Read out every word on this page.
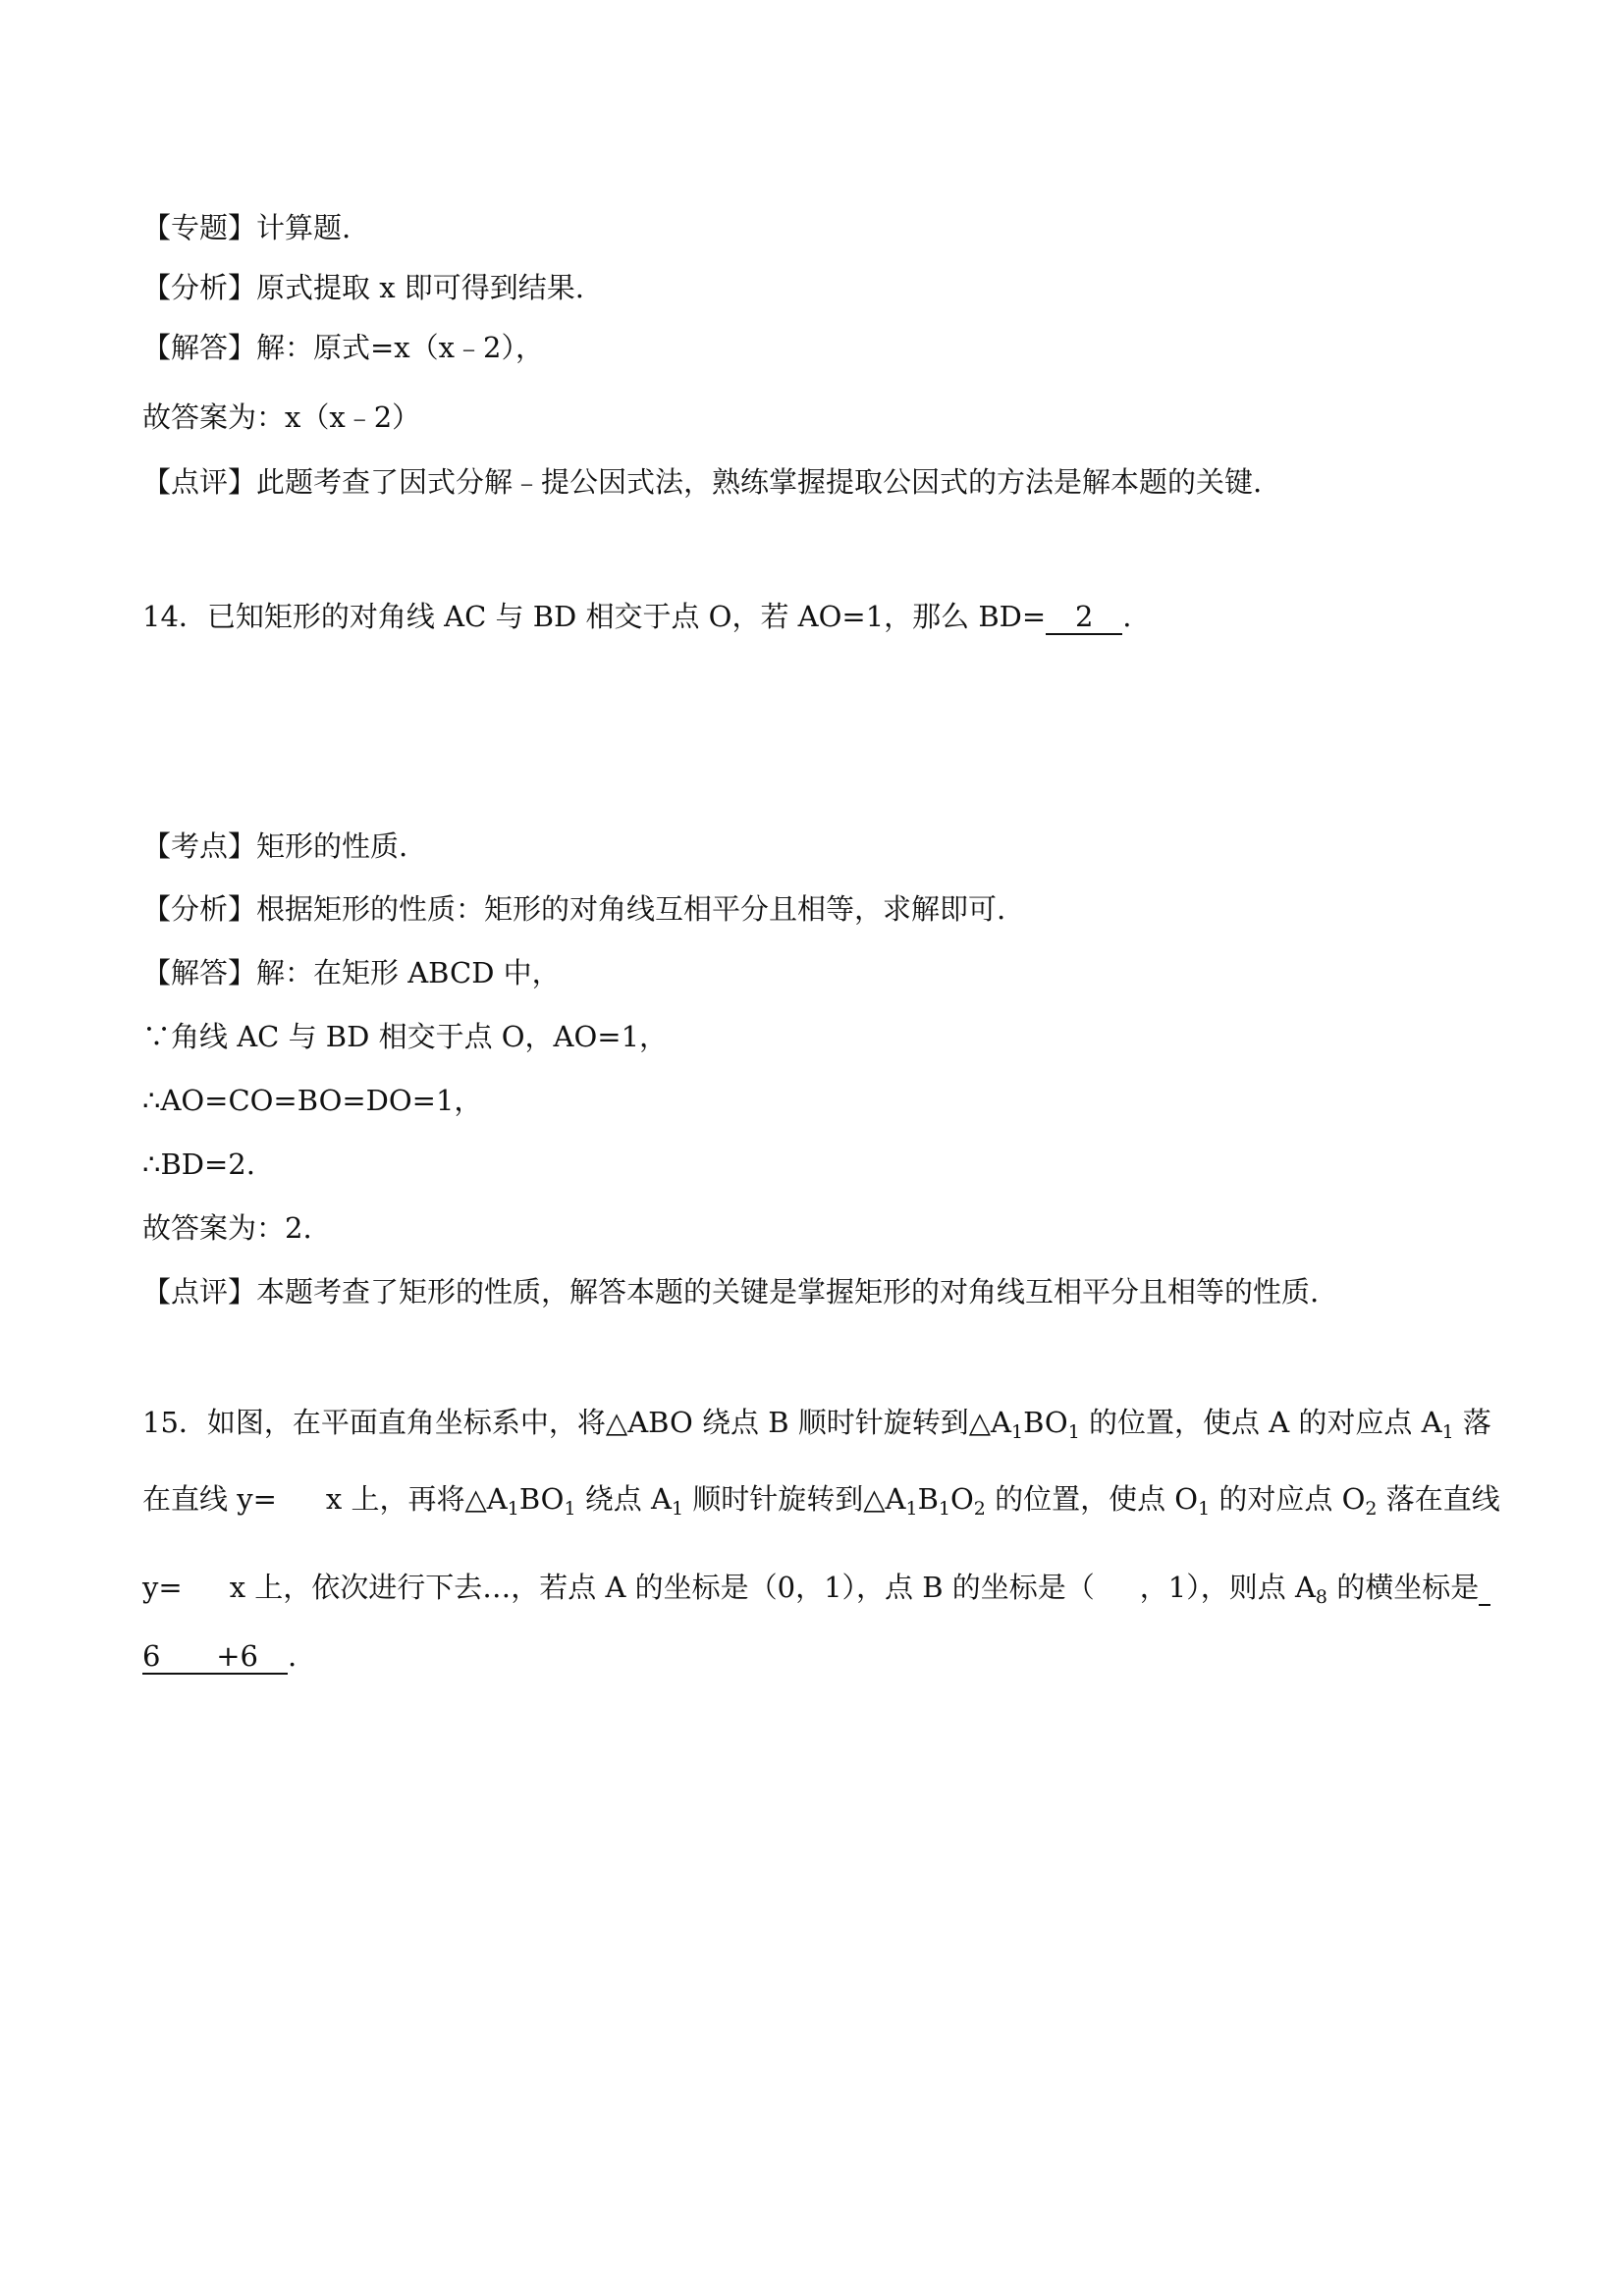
【专题】计算题.
【分析】原式提取 x 即可得到结果.
【解答】解：原式=x（x﹣2），
故答案为：x（x﹣2）
【点评】此题考查了因式分解﹣提公因式法，熟练掌握提取公因式的方法是解本题的关键.
14．已知矩形的对角线 AC 与 BD 相交于点 O，若 AO=1，那么 BD= 2 .
【考点】矩形的性质.
【分析】根据矩形的性质：矩形的对角线互相平分且相等，求解即可.
【解答】解：在矩形 ABCD 中，
∵角线 AC 与 BD 相交于点 O，AO=1，
∴AO=CO=BO=DO=1，
∴BD=2.
故答案为：2.
【点评】本题考查了矩形的性质，解答本题的关键是掌握矩形的对角线互相平分且相等的性质.
15．如图，在平面直角坐标系中，将△ABO 绕点 B 顺时针旋转到$\triangle A_1BO_1$ 的位置，使点 A 的对应点 $A_1$ 落
在直线 y= x 上，再将$\triangle A_1BO_1$ 绕点 $A_1$ 顺时针旋转到$\triangle A_1B_1O_2$ 的位置，使点 $O_1$ 的对应点 $O_2$ 落在直线
y= x 上，依次进行下去…，若点 A 的坐标是（0，1），点 B 的坐标是（ ，1），则点 $A_8$ 的横坐标是
6 +6 .
